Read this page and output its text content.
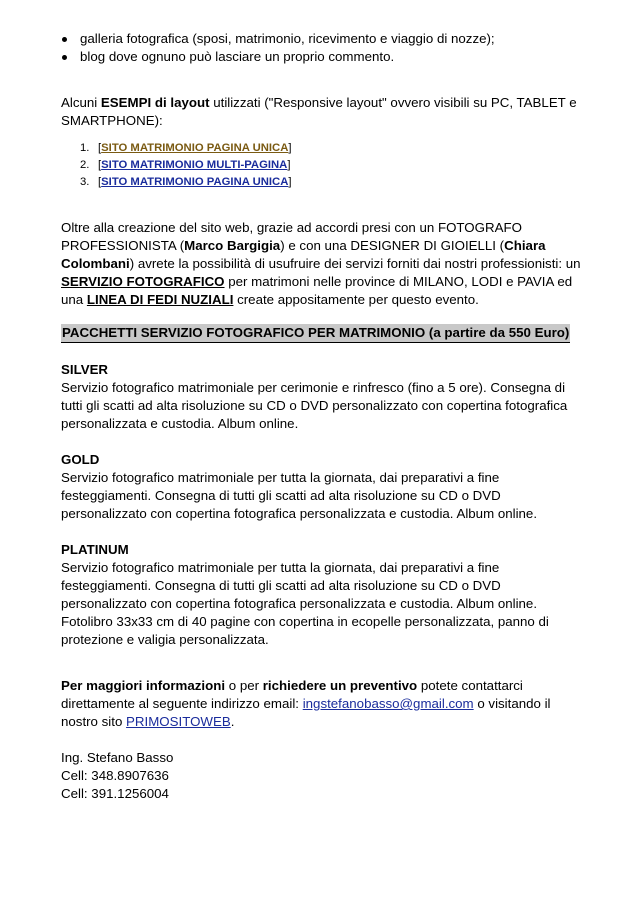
galleria fotografica (sposi, matrimonio, ricevimento e viaggio di nozze);
blog dove ognuno può lasciare un proprio commento.

Alcuni ESEMPI di layout utilizzati ("Responsive layout" ovvero visibili su PC, TABLET e SMARTPHONE):

1. [SITO MATRIMONIO PAGINA UNICA]
2. [SITO MATRIMONIO MULTI-PAGINA]
3. [SITO MATRIMONIO PAGINA UNICA]

Oltre alla creazione del sito web, grazie ad accordi presi con un FOTOGRAFO PROFESSIONISTA (Marco Bargigia) e con una DESIGNER DI GIOIELLI (Chiara Colombani) avrete la possibilità di usufruire dei servizi forniti dai nostri professionisti: un SERVIZIO FOTOGRAFICO per matrimoni nelle province di MILANO, LODI e PAVIA ed una LINEA DI FEDI NUZIALI create appositamente per questo evento.

PACCHETTI SERVIZIO FOTOGRAFICO PER MATRIMONIO (a partire da 550 Euro)

SILVER

Servizio fotografico matrimoniale per cerimonie e rinfresco (fino a 5 ore). Consegna di tutti gli scatti ad alta risoluzione su CD o DVD personalizzato con copertina fotografica personalizzata e custodia. Album online.

GOLD

Servizio fotografico matrimoniale per tutta la giornata, dai preparativi a fine festeggiamenti. Consegna di tutti gli scatti ad alta risoluzione su CD o DVD personalizzato con copertina fotografica personalizzata e custodia. Album online.

PLATINUM

Servizio fotografico matrimoniale per tutta la giornata, dai preparativi a fine festeggiamenti. Consegna di tutti gli scatti ad alta risoluzione su CD o DVD personalizzato con copertina fotografica personalizzata e custodia. Album online. Fotolibro 33x33 cm di 40 pagine con copertina in ecopelle personalizzata, panno di protezione e valigia personalizzata.

Per maggiori informazioni o per richiedere un preventivo potete contattarci direttamente al seguente indirizzo email: ingstefanobasso@gmail.com o visitando il nostro sito PRIMOSITOWEB.

Ing. Stefano Basso

Cell: 348.8907636

Cell: 391.1256004
